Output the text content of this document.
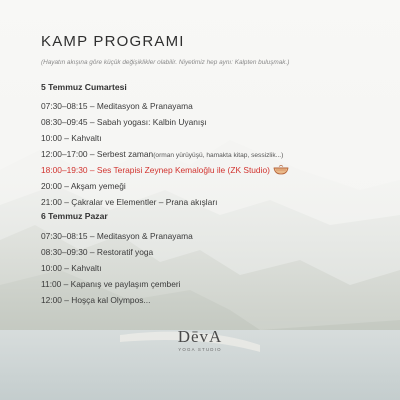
KAMP PROGRAMI

(Hayatın akışına göre küçük değişiklikler olabilir. Niyetimiz hep aynı: Kalpten buluşmak.)

5 Temmuz Cumartesi
07:30–08:15 – Meditasyon & Pranayama
08:30–09:45 – Sabah yogası: Kalbin Uyanışı
10:00 – Kahvaltı
12:00–17:00 – Serbest zaman(orman yürüyüşü, hamakta kitap, sessizlik...)
18:00–19:30 – Ses Terapisi Zeynep Kemaloğlu ile (ZK Studio)
20:00 – Akşam yemeği
21:00 – Çakralar ve Elementler – Prana akışları
6 Temmuz Pazar
07:30–08:15 – Meditasyon & Pranayama
08:30–09:30 – Restoratif yoga
10:00 – Kahvaltı
11:00 – Kapanış ve paylaşım çemberi
12:00 – Hoşça kal Olympos...
DēvA
YOGA STUDIO
